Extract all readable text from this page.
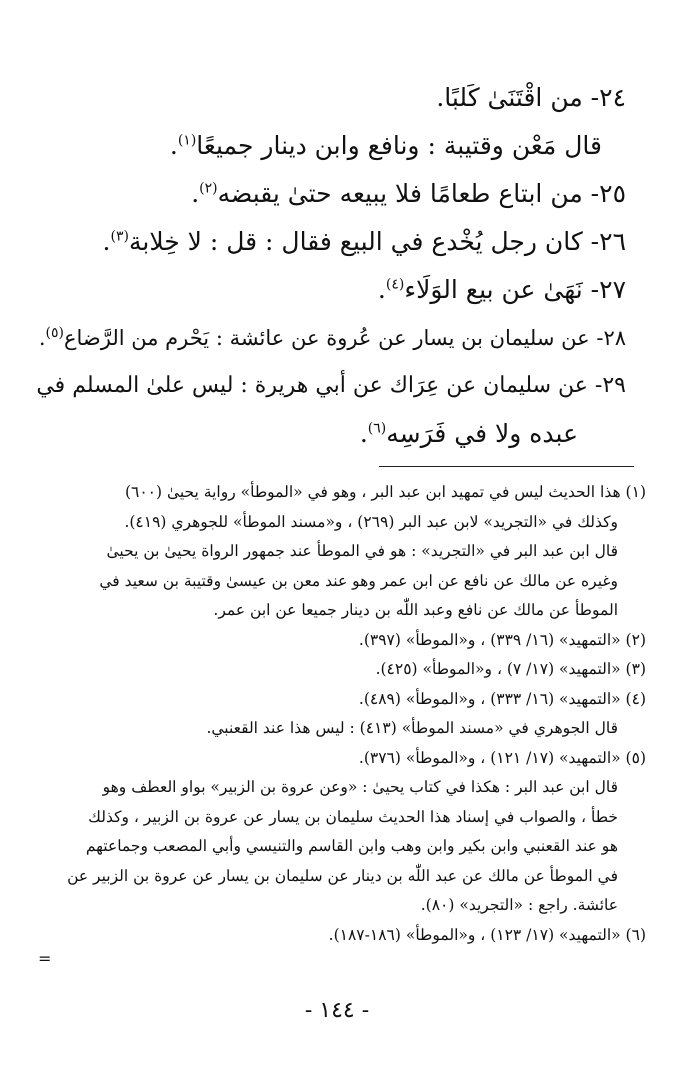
٢٤- من اقْتَنَىٰ كَلبًا.

قال مَعْن وقتيبة : ونافع وابن دينار جميعًا$^{(١)}$.

٢٥- من ابتاع طعامًا فلا يبيعه حتىٰ يقبضه$^{(٢)}$.

٢٦- كان رجل يُخْدع في البيع فقال : قل : لا خِلابة$^{(٣)}$.

٢٧- نَهَىٰ عن بيع الوَلَاء$^{(٤)}$.

٢٨- عن سليمان بن يسار عن عُروة عن عائشة : يَحْرم من الرَّضاع$^{(٥)}$.

٢٩- عن سليمان عن عِرَاك عن أبي هريرة : ليس علىٰ المسلم في

عبده ولا في فَرَسِه$^{(٦)}$.

(١) هذا الحديث ليس في تمهيد ابن عبد البر ، وهو في «الموطأ» رواية يحيىٰ (٦٠٠)

وكذلك في «التجريد» لابن عبد البر (٢٦٩) ، و«مسند الموطأ» للجوهري (٤١٩).

قال ابن عبد البر في «التجريد» : هو في الموطأ عند جمهور الرواة يحيىٰ بن يحيىٰ

وغيره عن مالك عن نافع عن ابن عمر وهو عند معن بن عيسىٰ وقتيبة بن سعيد في

الموطأ عن مالك عن نافع وعبد اللّٰه بن دينار جميعا عن ابن عمر.

(٢) «التمهيد» (١٦/ ٣٣٩) ، و«الموطأ» (٣٩٧).

(٣) «التمهيد» (١٧/ ٧) ، و«الموطأ» (٤٢٥).

(٤) «التمهيد» (١٦/ ٣٣٣) ، و«الموطأ» (٤٨٩).

قال الجوهري في «مسند الموطأ» (٤١٣) : ليس هذا عند القعنبي.

(٥) «التمهيد» (١٧/ ١٢١) ، و«الموطأ» (٣٧٦).

قال ابن عبد البر : هكذا في كتاب يحيىٰ : «وعن عروة بن الزبير» بواو العطف وهو

خطأ ، والصواب في إسناد هذا الحديث سليمان بن يسار عن عروة بن الزبير ، وكذلك

هو عند القعنبي وابن بكير وابن وهب وابن القاسم والتنيسي وأبي المصعب وجماعتهم

في الموطأ عن مالك عن عبد اللّٰه بن دينار عن سليمان بن يسار عن عروة بن الزبير عن

عائشة. راجع : «التجريد» (٨٠).

(٦) «التمهيد» (١٧/ ١٢٣) ، و«الموطأ» (١٨٦-١٨٧).

=
- ١٤٤ -
